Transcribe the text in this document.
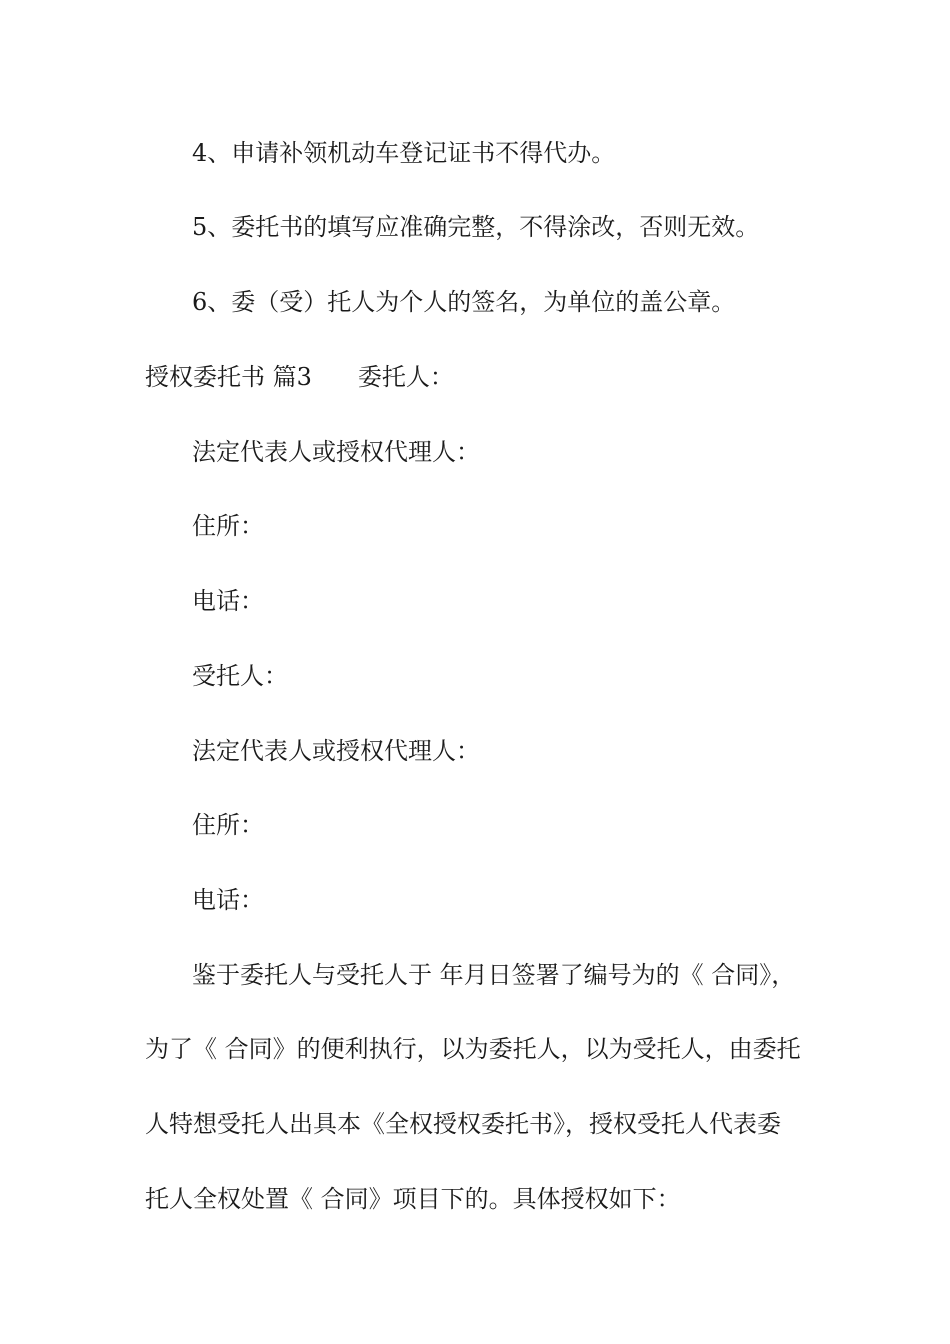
4、申请补领机动车登记证书不得代办。
5、委托书的填写应准确完整，不得涂改，否则无效。
6、委（受）托人为个人的签名，为单位的盖公章。
授权委托书 篇3 委托人：
法定代表人或授权代理人：
住所：
电话：
受托人：
法定代表人或授权代理人：
住所：
电话：
鉴于委托人与受托人于 年月日签署了编号为的《 合同》，
为了《 合同》的便利执行，以为委托人，以为受托人，由委托
人特想受托人出具本《全权授权委托书》，授权受托人代表委
托人全权处置《 合同》项目下的。具体授权如下：
